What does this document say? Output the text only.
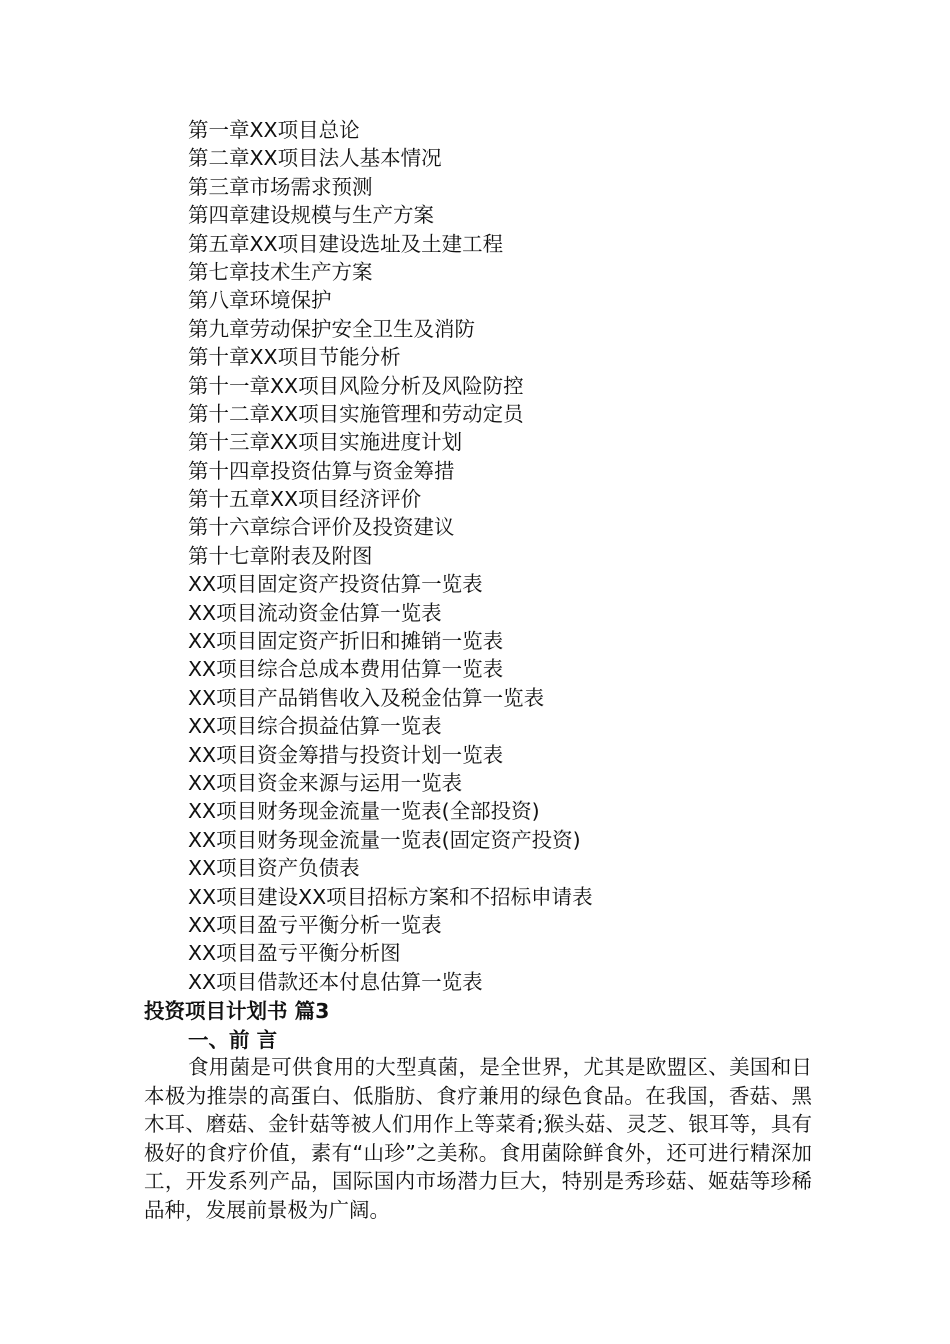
第一章XX项目总论
第二章XX项目法人基本情况
第三章市场需求预测
第四章建设规模与生产方案
第五章XX项目建设选址及土建工程
第七章技术生产方案
第八章环境保护
第九章劳动保护安全卫生及消防
第十章XX项目节能分析
第十一章XX项目风险分析及风险防控
第十二章XX项目实施管理和劳动定员
第十三章XX项目实施进度计划
第十四章投资估算与资金筹措
第十五章XX项目经济评价
第十六章综合评价及投资建议
第十七章附表及附图
XX项目固定资产投资估算一览表
XX项目流动资金估算一览表
XX项目固定资产折旧和摊销一览表
XX项目综合总成本费用估算一览表
XX项目产品销售收入及税金估算一览表
XX项目综合损益估算一览表
XX项目资金筹措与投资计划一览表
XX项目资金来源与运用一览表
XX项目财务现金流量一览表(全部投资)
XX项目财务现金流量一览表(固定资产投资)
XX项目资产负债表
XX项目建设XX项目招标方案和不招标申请表
XX项目盈亏平衡分析一览表
XX项目盈亏平衡分析图
XX项目借款还本付息估算一览表
投资项目计划书 篇3
一、前 言

食用菌是可供食用的大型真菌，是全世界，尤其是欧盟区、美国和日本极为推崇的高蛋白、低脂肪、食疗兼用的绿色食品。在我国，香菇、黑木耳、磨菇、金针菇等被人们用作上等菜肴;猴头菇、灵芝、银耳等，具有极好的食疗价值，素有“山珍”之美称。食用菌除鲜食外，还可进行精深加工，开发系列产品，国际国内市场潜力巨大，特别是秀珍菇、姬菇等珍稀品种，发展前景极为广阔。
